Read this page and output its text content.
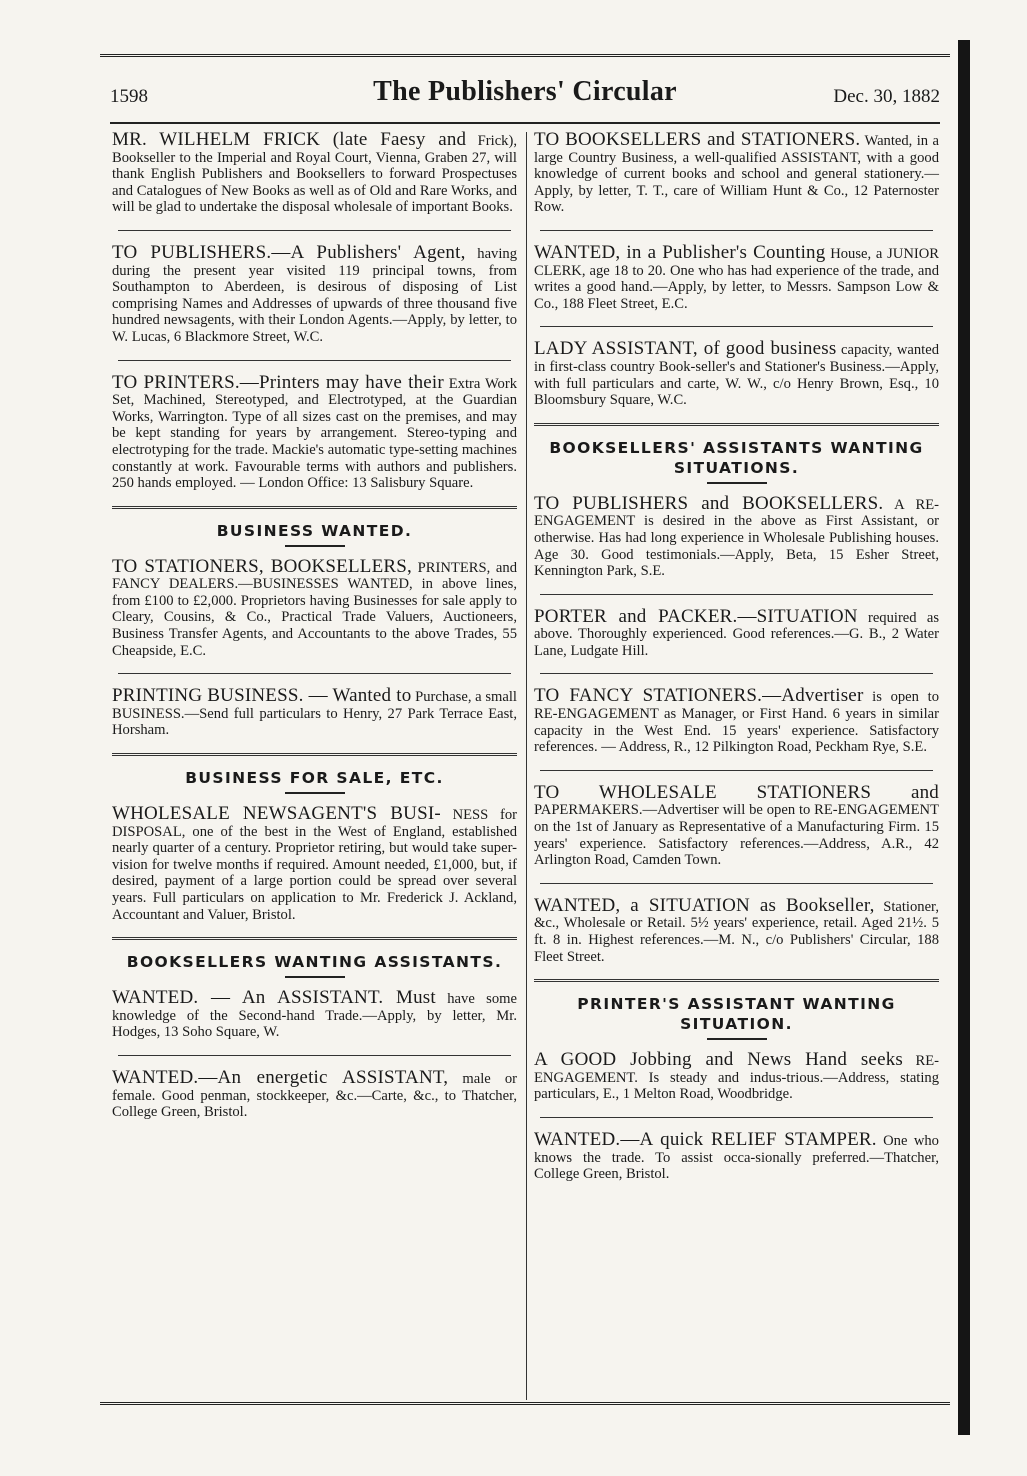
1598	The Publishers' Circular	Dec. 30, 1882

MR. WILHELM FRICK (late Faesy and Frick), Bookseller to the Imperial and Royal Court, Vienna, Graben 27, will thank English Publishers and Booksellers to forward Prospectuses and Catalogues of New Books as well as of Old and Rare Works, and will be glad to undertake the disposal wholesale of important Books.

TO PUBLISHERS.—A Publishers' Agent, having during the present year visited 119 principal towns, from Southampton to Aberdeen, is desirous of disposing of List comprising Names and Addresses of upwards of three thousand five hundred newsagents, with their London Agents.—Apply, by letter, to W. Lucas, 6 Blackmore Street, W.C.

TO PRINTERS.—Printers may have their Extra Work Set, Machined, Stereotyped, and Electrotyped, at the Guardian Works, Warrington. Type of all sizes cast on the premises, and may be kept standing for years by arrangement. Stereo-typing and electrotyping for the trade. Mackie's automatic type-setting machines constantly at work. Favourable terms with authors and publishers. 250 hands employed. — London Office: 13 Salisbury Square.

BUSINESS WANTED.

TO STATIONERS, BOOKSELLERS, PRINTERS, and FANCY DEALERS.—BUSINESSES WANTED, in above lines, from £100 to £2,000. Proprietors having Businesses for sale apply to Cleary, Cousins, & Co., Practical Trade Valuers, Auctioneers, Business Transfer Agents, and Accountants to the above Trades, 55 Cheapside, E.C.

PRINTING BUSINESS. — Wanted to Purchase, a small BUSINESS.—Send full particulars to Henry, 27 Park Terrace East, Horsham.

BUSINESS FOR SALE, ETC.

WHOLESALE NEWSAGENT'S BUSI- NESS for DISPOSAL, one of the best in the West of England, established nearly quarter of a century. Proprietor retiring, but would take super-vision for twelve months if required. Amount needed, £1,000, but, if desired, payment of a large portion could be spread over several years. Full particulars on application to Mr. Frederick J. Ackland, Accountant and Valuer, Bristol.

BOOKSELLERS WANTING ASSISTANTS.

WANTED. — An ASSISTANT. Must have some knowledge of the Second-hand Trade.—Apply, by letter, Mr. Hodges, 13 Soho Square, W.

WANTED.—An energetic ASSISTANT, male or female. Good penman, stockkeeper, &c.—Carte, &c., to Thatcher, College Green, Bristol.

TO BOOKSELLERS and STATIONERS. Wanted, in a large Country Business, a well-qualified ASSISTANT, with a good knowledge of current books and school and general stationery.—Apply, by letter, T. T., care of William Hunt & Co., 12 Paternoster Row.

WANTED, in a Publisher's Counting House, a JUNIOR CLERK, age 18 to 20. One who has had experience of the trade, and writes a good hand.—Apply, by letter, to Messrs. Sampson Low & Co., 188 Fleet Street, E.C.

LADY ASSISTANT, of good business capacity, wanted in first-class country Book-seller's and Stationer's Business.—Apply, with full particulars and carte, W. W., c/o Henry Brown, Esq., 10 Bloomsbury Square, W.C.

BOOKSELLERS' ASSISTANTS WANTING SITUATIONS.

TO PUBLISHERS and BOOKSELLERS. A RE-ENGAGEMENT is desired in the above as First Assistant, or otherwise. Has had long experience in Wholesale Publishing houses. Age 30. Good testimonials.—Apply, Beta, 15 Esher Street, Kennington Park, S.E.

PORTER and PACKER.—SITUATION required as above. Thoroughly experienced. Good references.—G. B., 2 Water Lane, Ludgate Hill.

TO FANCY STATIONERS.—Advertiser is open to RE-ENGAGEMENT as Manager, or First Hand. 6 years in similar capacity in the West End. 15 years' experience. Satisfactory references. — Address, R., 12 Pilkington Road, Peckham Rye, S.E.

TO WHOLESALE STATIONERS and PAPERMAKERS.—Advertiser will be open to RE-ENGAGEMENT on the 1st of January as Representative of a Manufacturing Firm. 15 years' experience. Satisfactory references.—Address, A.R., 42 Arlington Road, Camden Town.

WANTED, a SITUATION as Bookseller, Stationer, &c., Wholesale or Retail. 5½ years' experience, retail. Aged 21½. 5 ft. 8 in. Highest references.—M. N., c/o Publishers' Circular, 188 Fleet Street.

PRINTER'S ASSISTANT WANTING SITUATION.

A GOOD Jobbing and News Hand seeks RE-ENGAGEMENT. Is steady and indus-trious.—Address, stating particulars, E., 1 Melton Road, Woodbridge.

WANTED.—A quick RELIEF STAMPER. One who knows the trade. To assist occa-sionally preferred.—Thatcher, College Green, Bristol.
